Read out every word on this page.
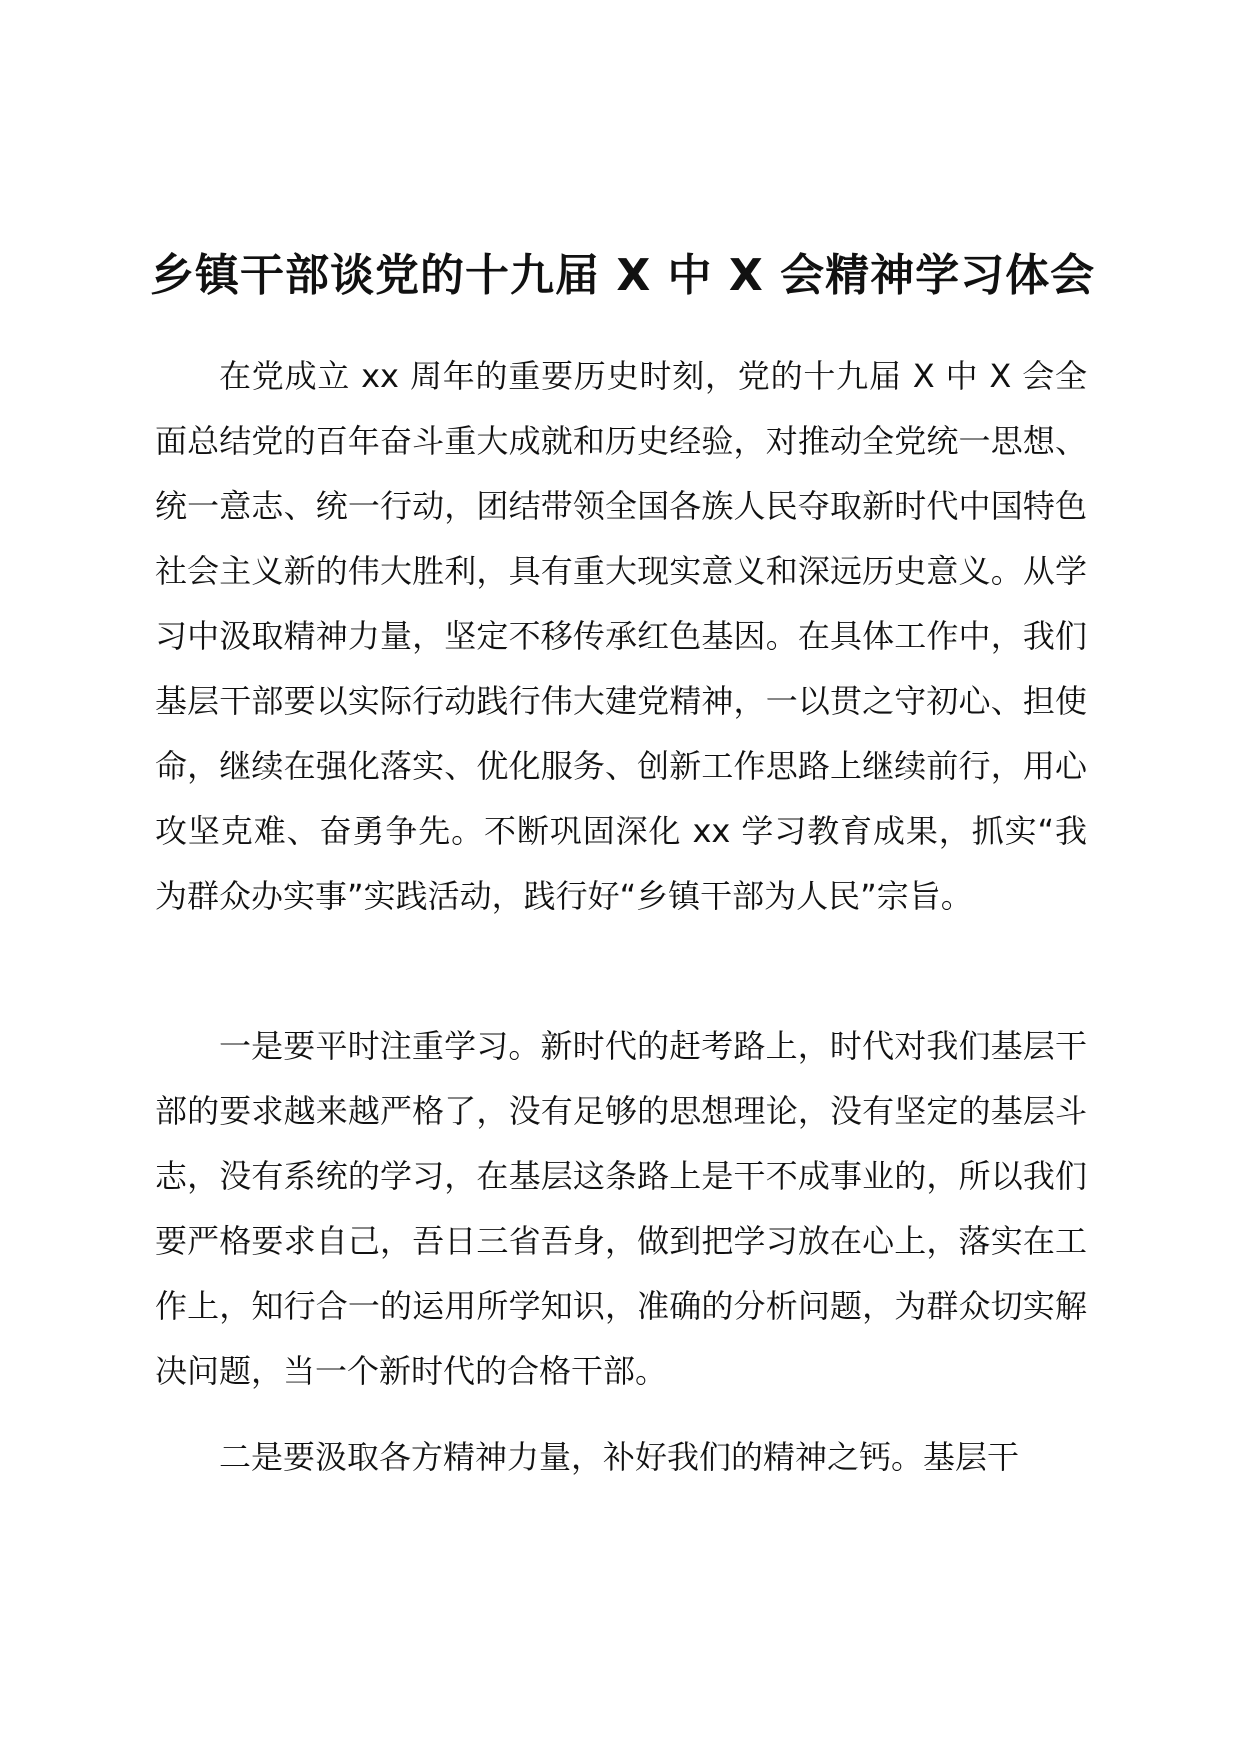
乡镇干部谈党的十九届 X 中 X 会精神学习体会

在党成立 xx 周年的重要历史时刻，党的十九届 X 中 X 会全面总结党的百年奋斗重大成就和历史经验，对推动全党统一思想、统一意志、统一行动，团结带领全国各族人民夺取新时代中国特色社会主义新的伟大胜利，具有重大现实意义和深远历史意义。从学习中汲取精神力量，坚定不移传承红色基因。在具体工作中，我们基层干部要以实际行动践行伟大建党精神，一以贯之守初心、担使命，继续在强化落实、优化服务、创新工作思路上继续前行，用心攻坚克难、奋勇争先。不断巩固深化 xx 学习教育成果，抓实“我为群众办实事”实践活动，践行好“乡镇干部为人民”宗旨。

一是要平时注重学习。新时代的赶考路上，时代对我们基层干部的要求越来越严格了，没有足够的思想理论，没有坚定的基层斗志，没有系统的学习，在基层这条路上是干不成事业的，所以我们要严格要求自己，吾日三省吾身，做到把学习放在心上，落实在工作上，知行合一的运用所学知识，准确的分析问题，为群众切实解决问题，当一个新时代的合格干部。

二是要汲取各方精神力量，补好我们的精神之钙。基层干
